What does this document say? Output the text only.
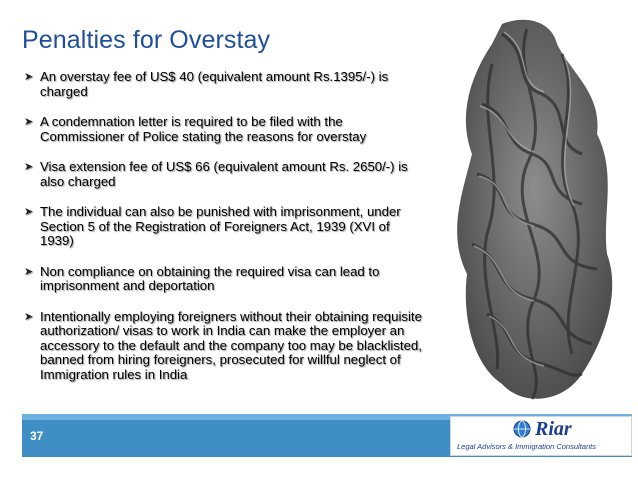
Penalties for Overstay
➤ An overstay fee of US$ 40 (equivalent amount Rs.1395/-) is charged
➤ A condemnation letter is required to be filed with the Commissioner of Police stating the reasons for overstay
➤ Visa extension fee of US$ 66 (equivalent amount Rs. 2650/-) is also charged
➤ The individual can also be punished with imprisonment, under Section 5 of the Registration of Foreigners Act, 1939 (XVI of 1939)
➤ Non compliance on obtaining the required visa can lead to imprisonment and deportation
➤ Intentionally employing foreigners without their obtaining requisite authorization/ visas to work in India can make the employer an accessory to the default and the company too may be blacklisted, banned from hiring foreigners, prosecuted for willful neglect of Immigration rules in India
37	Riar
Legal Advisors & Immigration Consultants
